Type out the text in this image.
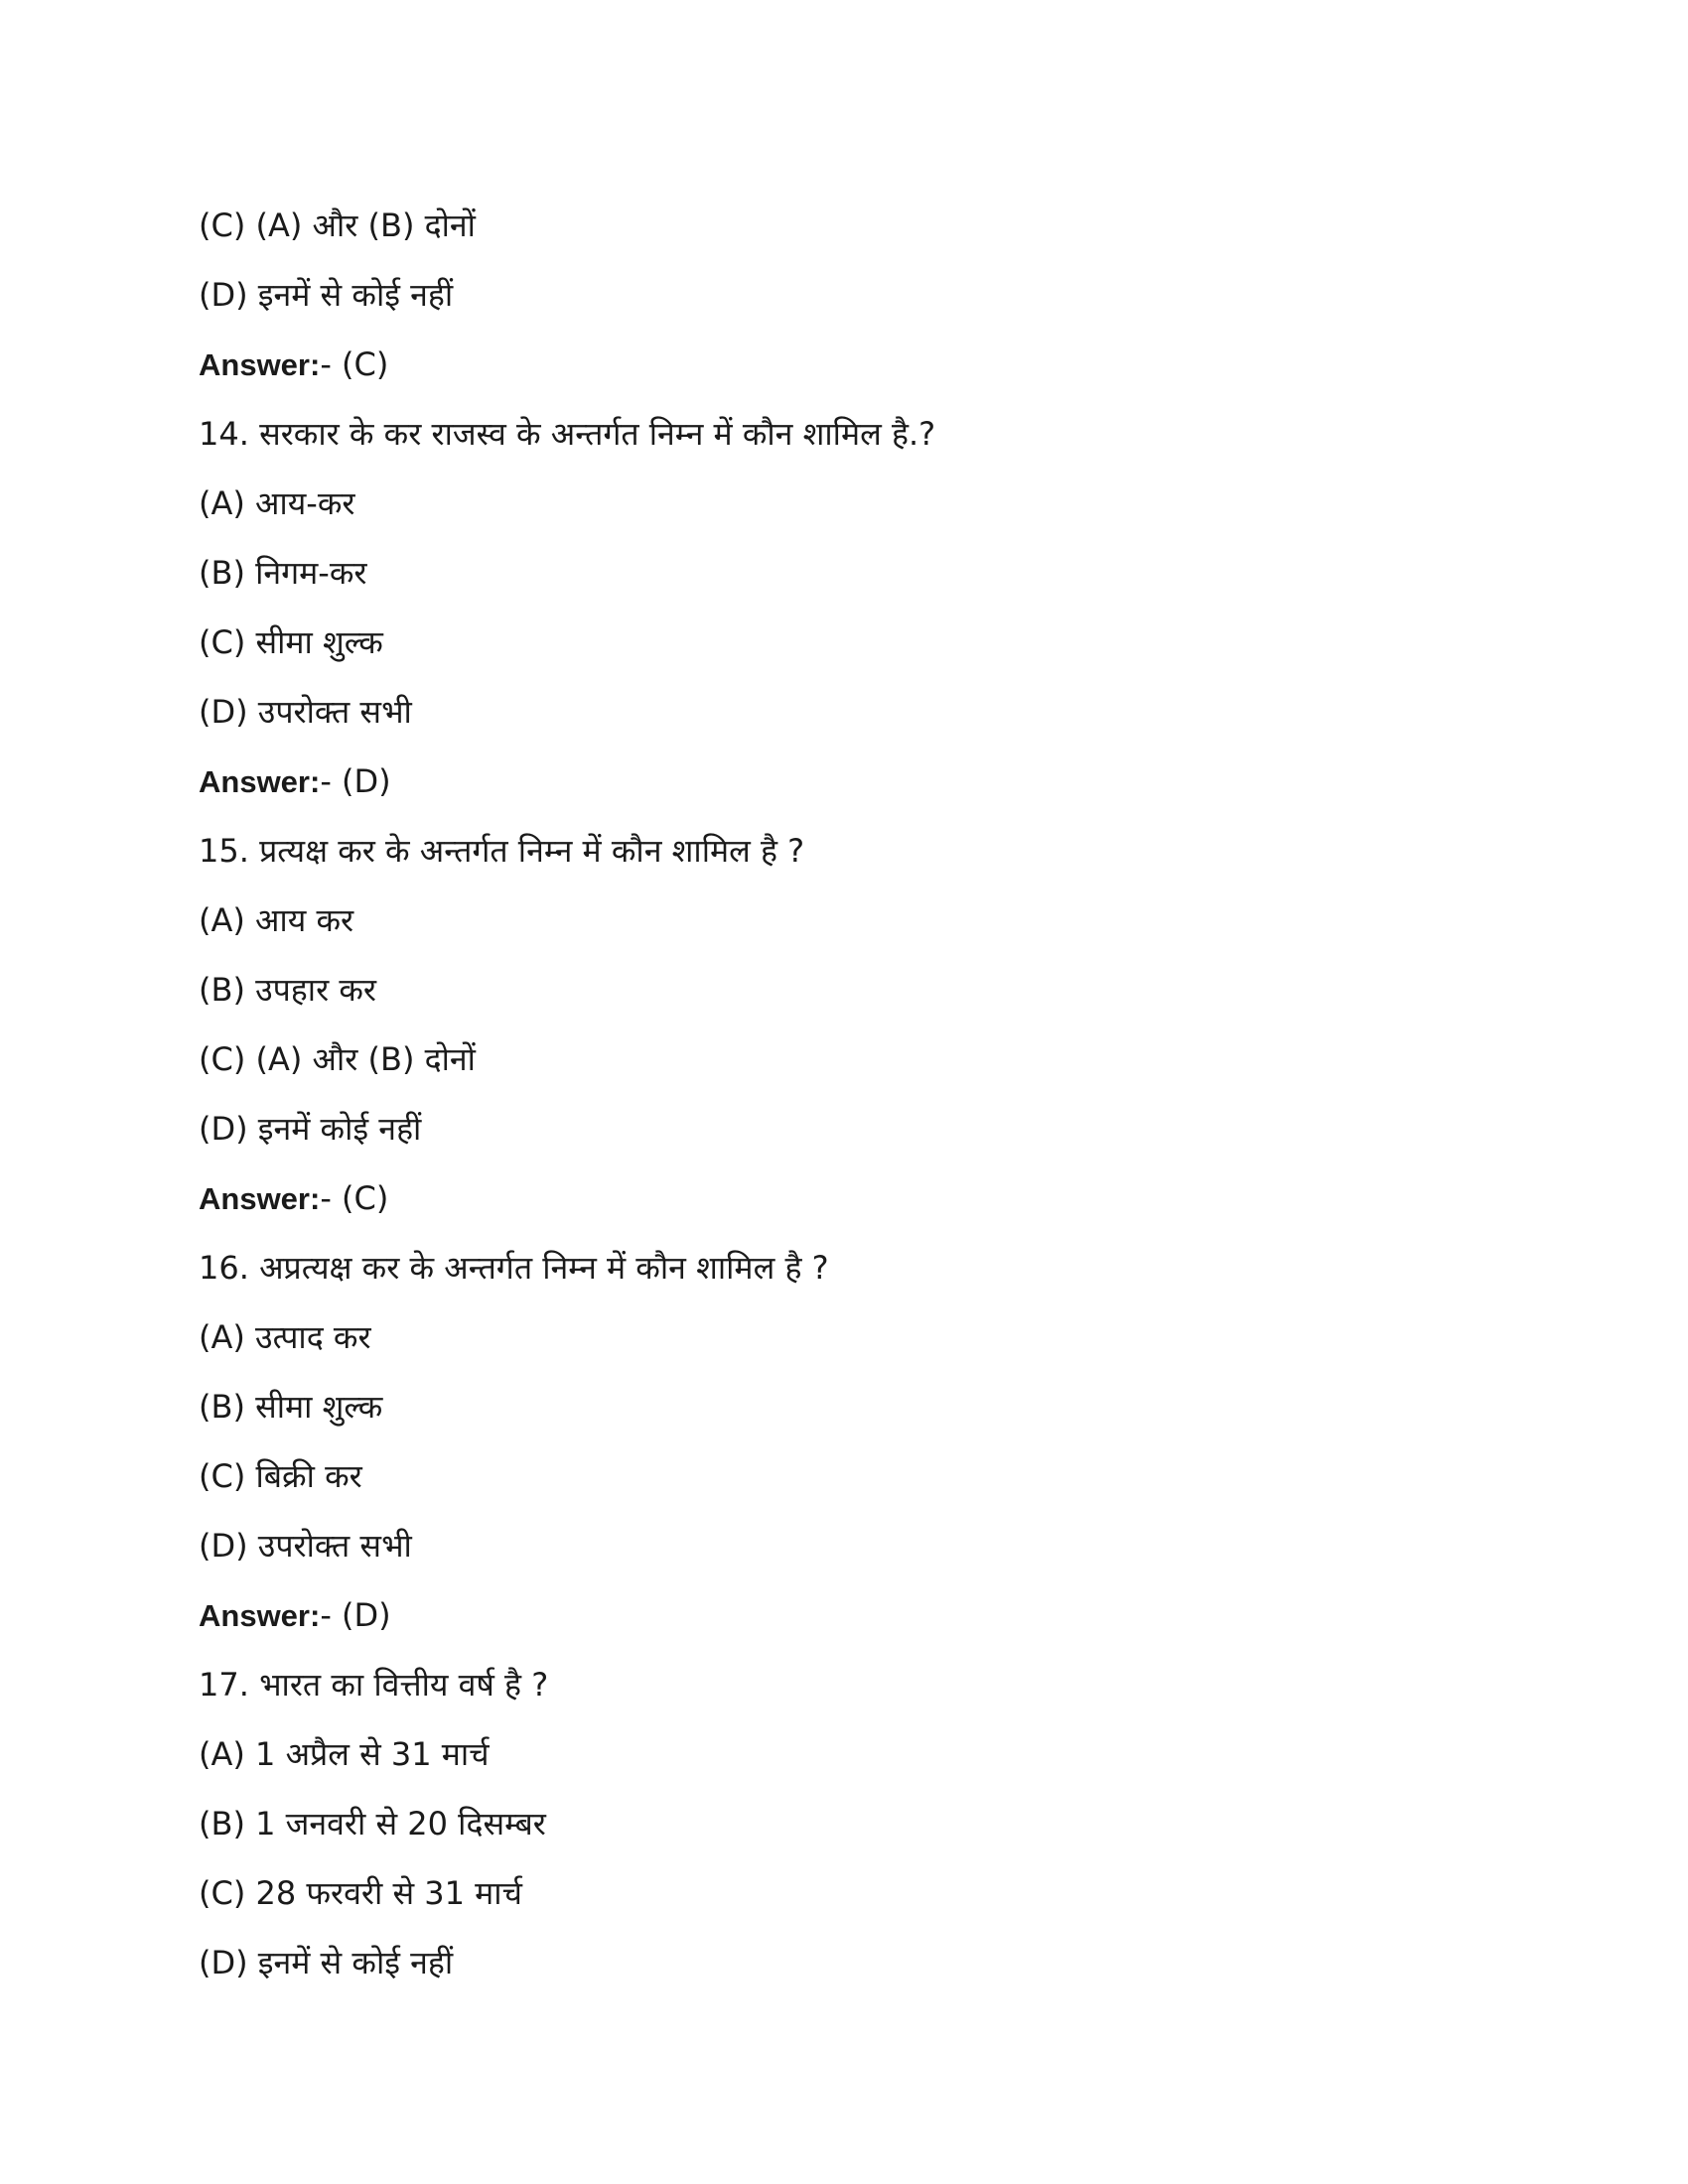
(C) (A) और (B) दोनों
(D) इनमें से कोई नहीं
Answer:- (C)
14. सरकार के कर राजस्व के अन्तर्गत निम्न में कौन शामिल है.?
(A) आय-कर
(B) निगम-कर
(C) सीमा शुल्क
(D) उपरोक्त सभी
Answer:- (D)
15. प्रत्यक्ष कर के अन्तर्गत निम्न में कौन शामिल है ?
(A) आय कर
(B) उपहार कर
(C) (A) और (B) दोनों
(D) इनमें कोई नहीं
Answer:- (C)
16. अप्रत्यक्ष कर के अन्तर्गत निम्न में कौन शामिल है ?
(A) उत्पाद कर
(B) सीमा शुल्क
(C) बिक्री कर
(D) उपरोक्त सभी
Answer:- (D)
17. भारत का वित्तीय वर्ष है ?
(A) 1 अप्रैल से 31 मार्च
(B) 1 जनवरी से 20 दिसम्बर
(C) 28 फरवरी से 31 मार्च
(D) इनमें से कोई नहीं
